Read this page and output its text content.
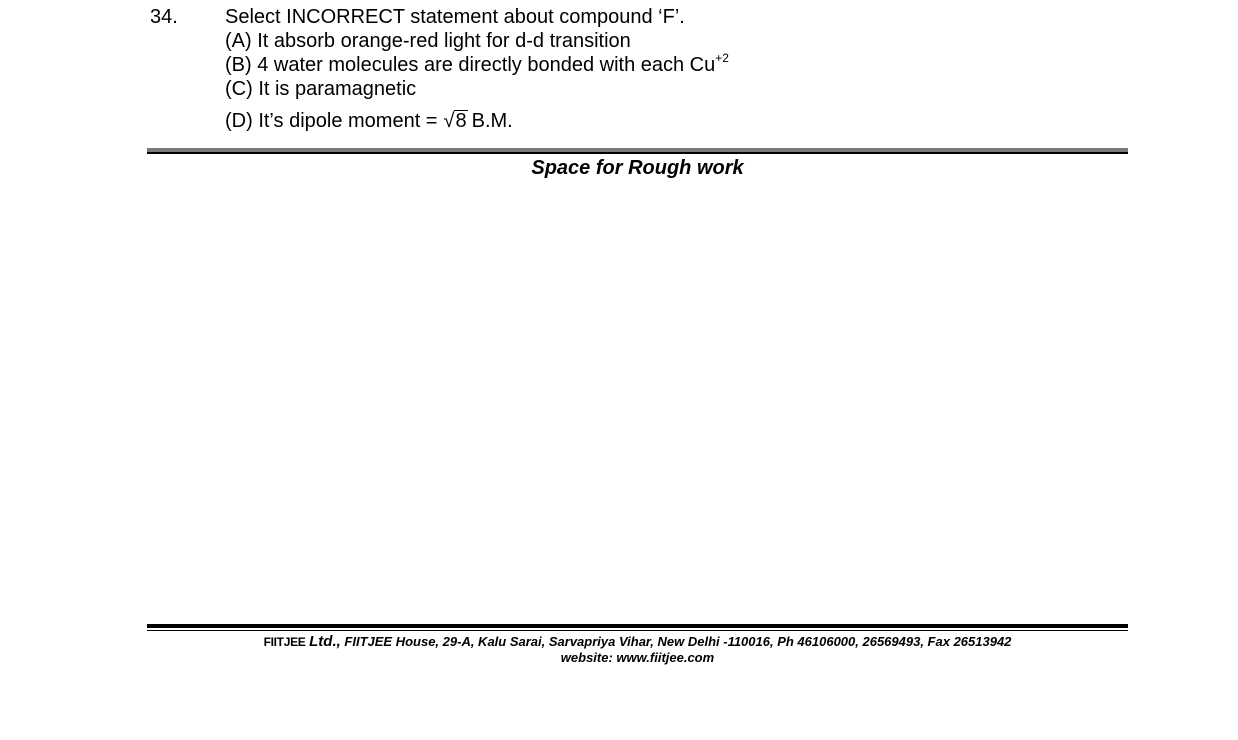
34.	Select INCORRECT statement about compound ‘F’.
(A) It absorb orange-red light for d-d transition
(B) 4 water molecules are directly bonded with each $Cu^{+2}$
(C) It is paramagnetic
(D) It’s dipole moment = √8 B.M.
Space for Rough work
FIITJEE Ltd., FIITJEE House, 29-A, Kalu Sarai, Sarvapriya Vihar, New Delhi -110016, Ph 46106000, 26569493, Fax 26513942
website: www.fiitjee.com
